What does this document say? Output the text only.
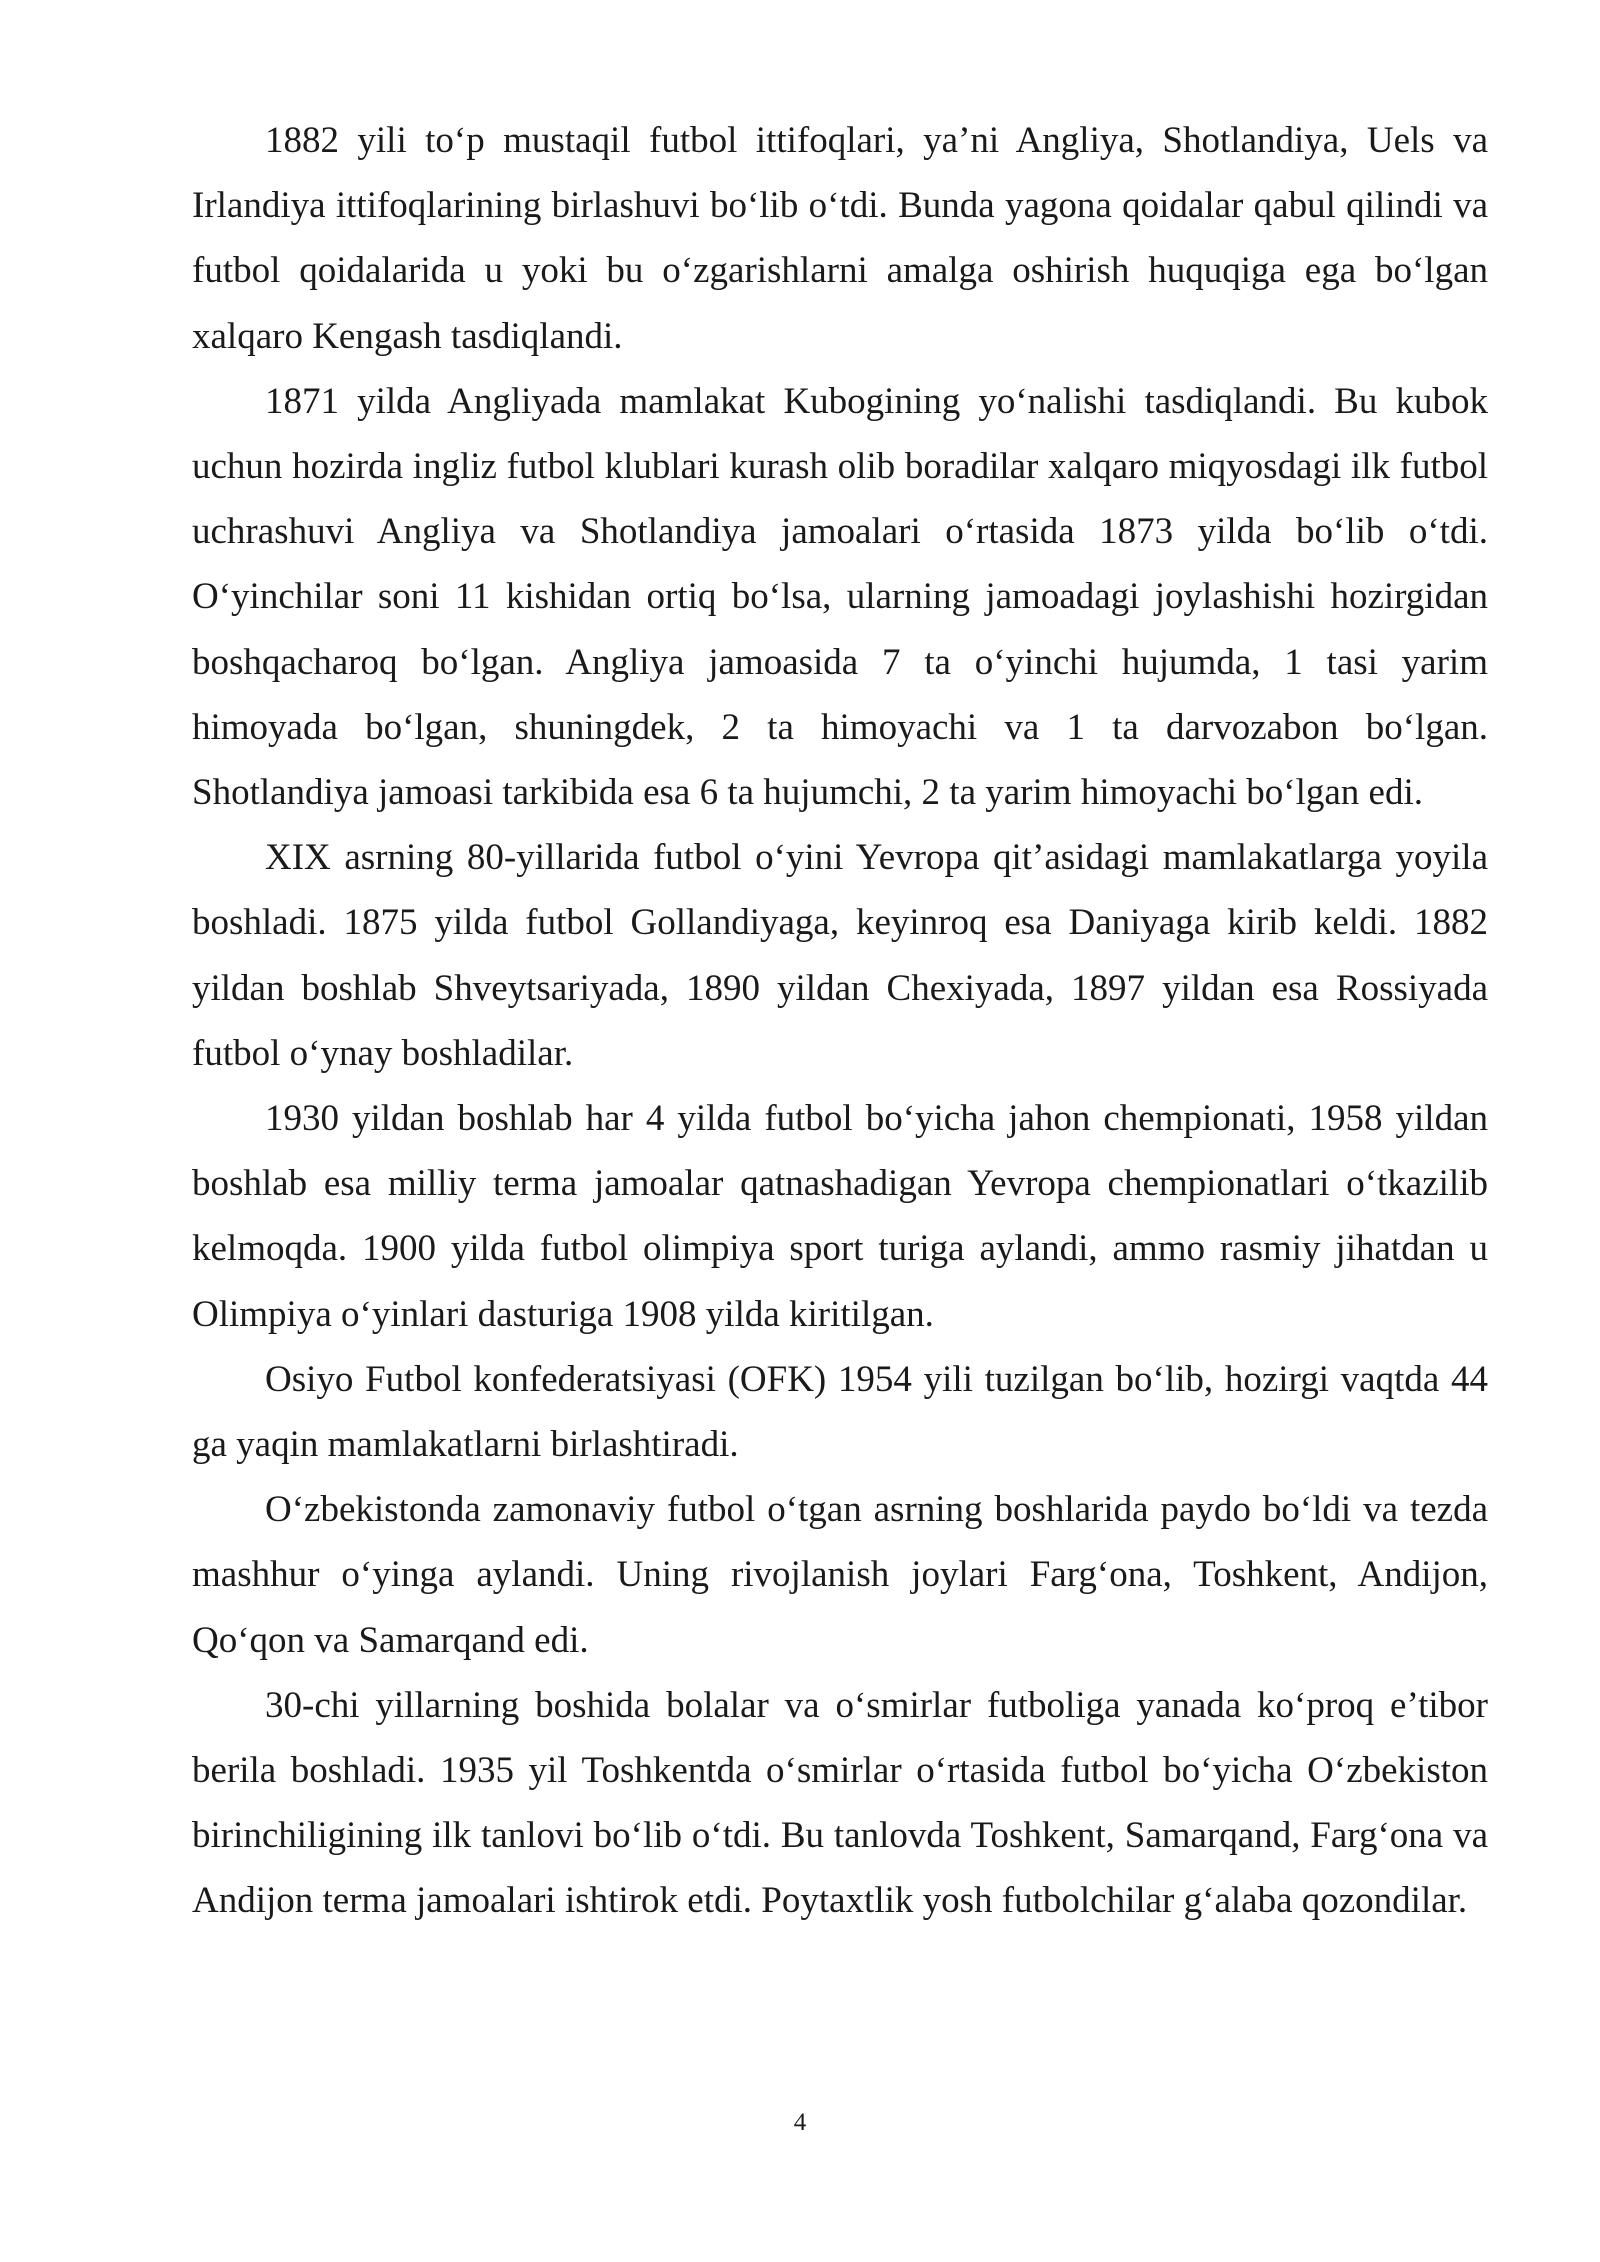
1882 yili to‘p mustaqil futbol ittifoqlari, ya’ni Angliya, Shotlandiya, Uels va Irlandiya ittifoqlarining birlashuvi bo‘lib o‘tdi. Bunda yagona qoidalar qabul qilindi va futbol qoidalarida u yoki bu o‘zgarishlarni amalga oshirish huquqiga ega bo‘lgan xalqaro Kengash tasdiqlandi.

1871 yilda Angliyada mamlakat Kubogining yo‘nalishi tasdiqlandi. Bu kubok uchun hozirda ingliz futbol klublari kurash olib boradilar xalqaro miqyosdagi ilk futbol uchrashuvi Angliya va Shotlandiya jamoalari o‘rtasida 1873 yilda bo‘lib o‘tdi. O‘yinchilar soni 11 kishidan ortiq bo‘lsa, ularning jamoadagi joylashishi hozirgidan boshqacharoq bo‘lgan. Angliya jamoasida 7 ta o‘yinchi hujumda, 1 tasi yarim himoyada bo‘lgan, shuningdek, 2 ta himoyachi va 1 ta darvozabon bo‘lgan. Shotlandiya jamoasi tarkibida esa 6 ta hujumchi, 2 ta yarim himoyachi bo‘lgan edi.

XIX asrning 80-yillarida futbol o‘yini Yevropa qit’asidagi mamlakatlarga yoyila boshladi. 1875 yilda futbol Gollandiyaga, keyinroq esa Daniyaga kirib keldi. 1882 yildan boshlab Shveytsariyada, 1890 yildan Chexiyada, 1897 yildan esa Rossiyada futbol o‘ynay boshladilar.

1930 yildan boshlab har 4 yilda futbol bo‘yicha jahon chempionati, 1958 yildan boshlab esa milliy terma jamoalar qatnashadigan Yevropa chempionatlari o‘tkazilib kelmoqda. 1900 yilda futbol olimpiya sport turiga aylandi, ammo rasmiy jihatdan u Olimpiya o‘yinlari dasturiga 1908 yilda kiritilgan.

Osiyo Futbol konfederatsiyasi (OFK) 1954 yili tuzilgan bo‘lib, hozirgi vaqtda 44 ga yaqin mamlakatlarni birlashtiradi.

O‘zbekistonda zamonaviy futbol o‘tgan asrning boshlarida paydo bo‘ldi va tezda mashhur o‘yinga aylandi. Uning rivojlanish joylari Farg‘ona, Toshkent, Andijon, Qo‘qon va Samarqand edi.

30-chi yillarning boshida bolalar va o‘smirlar futboliga yanada ko‘proq e’tibor berila boshladi. 1935 yil Toshkentda o‘smirlar o‘rtasida futbol bo‘yicha O‘zbekiston birinchiligining ilk tanlovi bo‘lib o‘tdi. Bu tanlovda Toshkent, Samarqand, Farg‘ona va Andijon terma jamoalari ishtirok etdi. Poytaxtlik yosh futbolchilar g‘alaba qozondilar.

4
